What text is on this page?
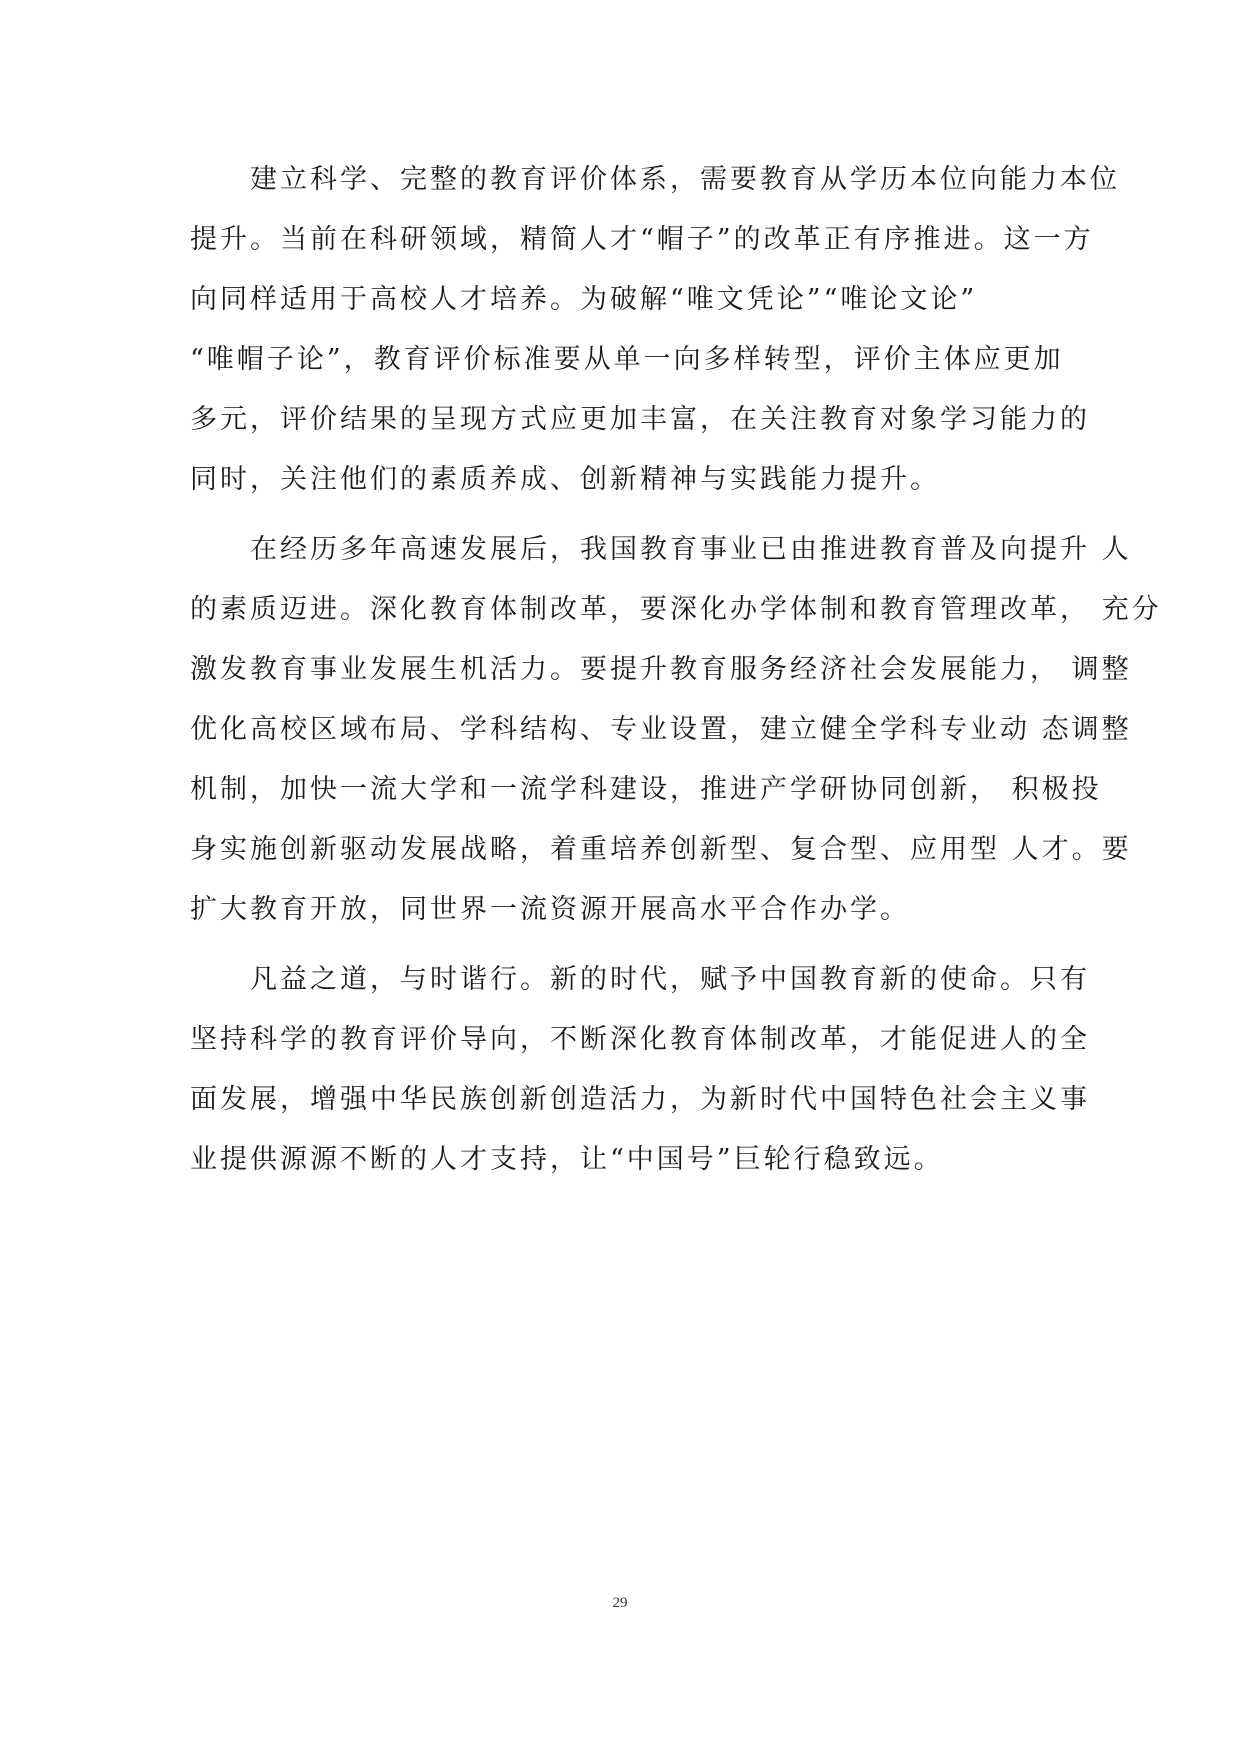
　　建立科学、完整的教育评价体系，需要教育从学历本位向能力本位
提升。当前在科研领域，精简人才“帽子”的改革正有序推进。这一方
向同样适用于高校人才培养。为破解“唯文凭论”“唯论文论”
“唯帽子论”，教育评价标准要从单一向多样转型，评价主体应更加
多元，评价结果的呈现方式应更加丰富，在关注教育对象学习能力的
同时，关注他们的素质养成、创新精神与实践能力提升。
　　在经历多年高速发展后，我国教育事业已由推进教育普及向提升 人
的素质迈进。深化教育体制改革，要深化办学体制和教育管理改革， 充分
激发教育事业发展生机活力。要提升教育服务经济社会发展能力， 调整
优化高校区域布局、学科结构、专业设置，建立健全学科专业动 态调整
机制，加快一流大学和一流学科建设，推进产学研协同创新， 积极投
身实施创新驱动发展战略，着重培养创新型、复合型、应用型 人才。要
扩大教育开放，同世界一流资源开展高水平合作办学。
　　凡益之道，与时谐行。新的时代，赋予中国教育新的使命。只有
坚持科学的教育评价导向，不断深化教育体制改革，才能促进人的全
面发展，增强中华民族创新创造活力，为新时代中国特色社会主义事
业提供源源不断的人才支持，让“中国号”巨轮行稳致远。
29
